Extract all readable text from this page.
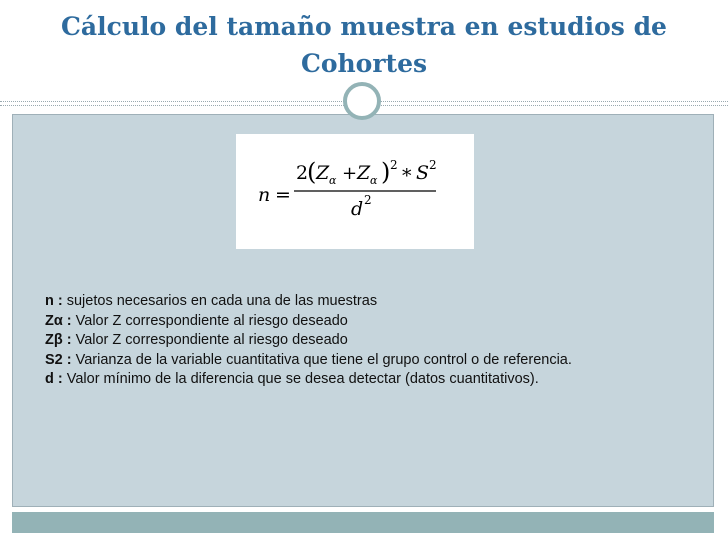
Cálculo del tamaño muestra en estudios de Cohortes
n =
2
( Z α + Z α ) 2 * S 2
d 2

n : sujetos necesarios en cada una de las muestras

Zα : Valor Z correspondiente al riesgo deseado

Zβ : Valor Z correspondiente al riesgo deseado

S2 : Varianza de la variable cuantitativa que tiene el grupo control o de referencia.

d : Valor mínimo de la diferencia que se desea detectar (datos cuantitativos).
